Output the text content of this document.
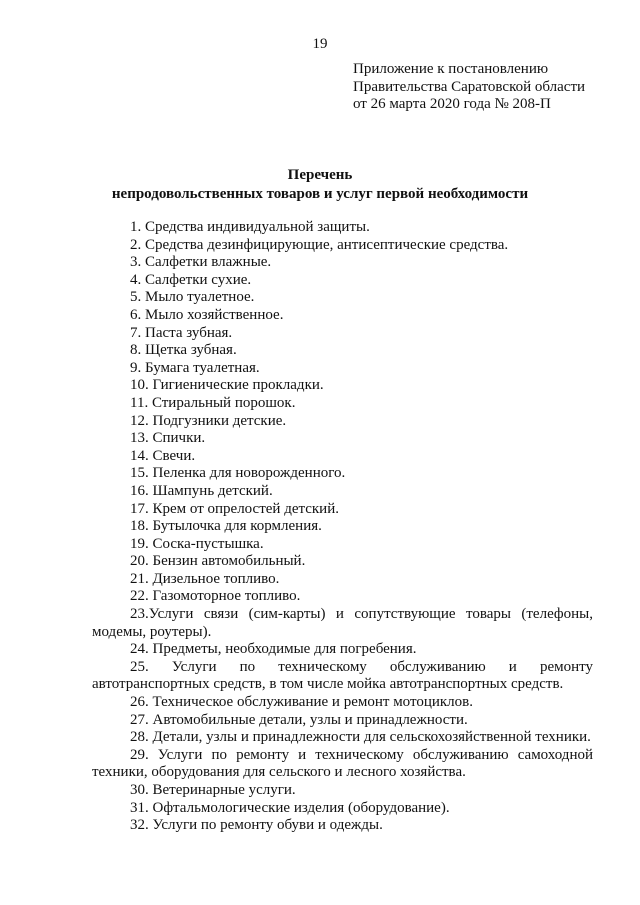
19
Приложение к постановлению
Правительства Саратовской области
от 26 марта 2020 года № 208-П
Перечень
непродовольственных товаров и услуг первой необходимости
1. Средства индивидуальной защиты.
2. Средства дезинфицирующие, антисептические средства.
3. Салфетки влажные.
4. Салфетки сухие.
5. Мыло туалетное.
6. Мыло хозяйственное.
7. Паста зубная.
8. Щетка зубная.
9. Бумага туалетная.
10. Гигиенические прокладки.
11. Стиральный порошок.
12. Подгузники детские.
13. Спички.
14. Свечи.
15. Пеленка для новорожденного.
16. Шампунь детский.
17. Крем от опрелостей детский.
18. Бутылочка для кормления.
19. Соска-пустышка.
20. Бензин автомобильный.
21. Дизельное топливо.
22. Газомоторное топливо.
23.Услуги связи (сим-карты) и сопутствующие товары (телефоны, модемы, роутеры).
24. Предметы, необходимые для погребения.
25. Услуги по техническому обслуживанию и ремонту автотранспортных средств, в том числе мойка автотранспортных средств.
26. Техническое обслуживание и ремонт мотоциклов.
27. Автомобильные детали, узлы и принадлежности.
28. Детали, узлы и принадлежности для сельскохозяйственной техники.
29. Услуги по ремонту и техническому обслуживанию самоходной техники, оборудования для сельского и лесного хозяйства.
30. Ветеринарные услуги.
31. Офтальмологические изделия (оборудование).
32. Услуги по ремонту обуви и одежды.
